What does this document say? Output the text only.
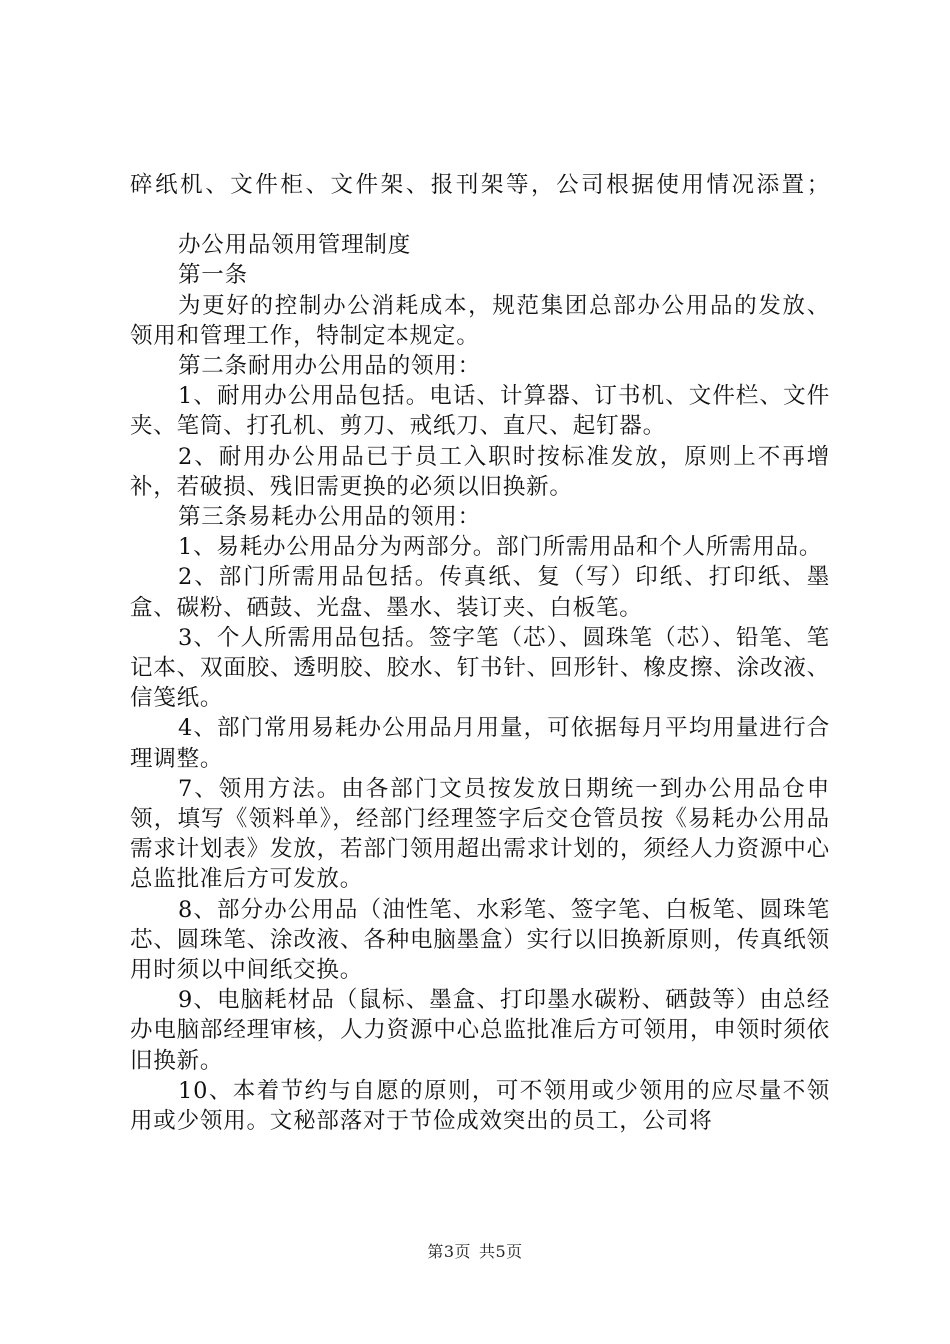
碎纸机、文件柜、文件架、报刊架等，公司根据使用情况添置；

办公用品领用管理制度

第一条

为更好的控制办公消耗成本，规范集团总部办公用品的发放、领用和管理工作，特制定本规定。

第二条耐用办公用品的领用：

1、耐用办公用品包括。电话、计算器、订书机、文件栏、文件夹、笔筒、打孔机、剪刀、戒纸刀、直尺、起钉器。

2、耐用办公用品已于员工入职时按标准发放，原则上不再增补，若破损、残旧需更换的必须以旧换新。

第三条易耗办公用品的领用：

1、易耗办公用品分为两部分。部门所需用品和个人所需用品。

2、部门所需用品包括。传真纸、复（写）印纸、打印纸、墨盒、碳粉、硒鼓、光盘、墨水、装订夹、白板笔。

3、个人所需用品包括。签字笔（芯）、圆珠笔（芯）、铅笔、笔记本、双面胶、透明胶、胶水、钉书针、回形针、橡皮擦、涂改液、信笺纸。

4、部门常用易耗办公用品月用量，可依据每月平均用量进行合理调整。

7、领用方法。由各部门文员按发放日期统一到办公用品仓申领，填写《领料单》，经部门经理签字后交仓管员按《易耗办公用品需求计划表》发放，若部门领用超出需求计划的，须经人力资源中心总监批准后方可发放。

8、部分办公用品（油性笔、水彩笔、签字笔、白板笔、圆珠笔芯、圆珠笔、涂改液、各种电脑墨盒）实行以旧换新原则，传真纸领用时须以中间纸交换。

9、电脑耗材品（鼠标、墨盒、打印墨水碳粉、硒鼓等）由总经办电脑部经理审核，人力资源中心总监批准后方可领用，申领时须依旧换新。

10、本着节约与自愿的原则，可不领用或少领用的应尽量不领用或少领用。文秘部落对于节俭成效突出的员工，公司将

第3页 共5页
